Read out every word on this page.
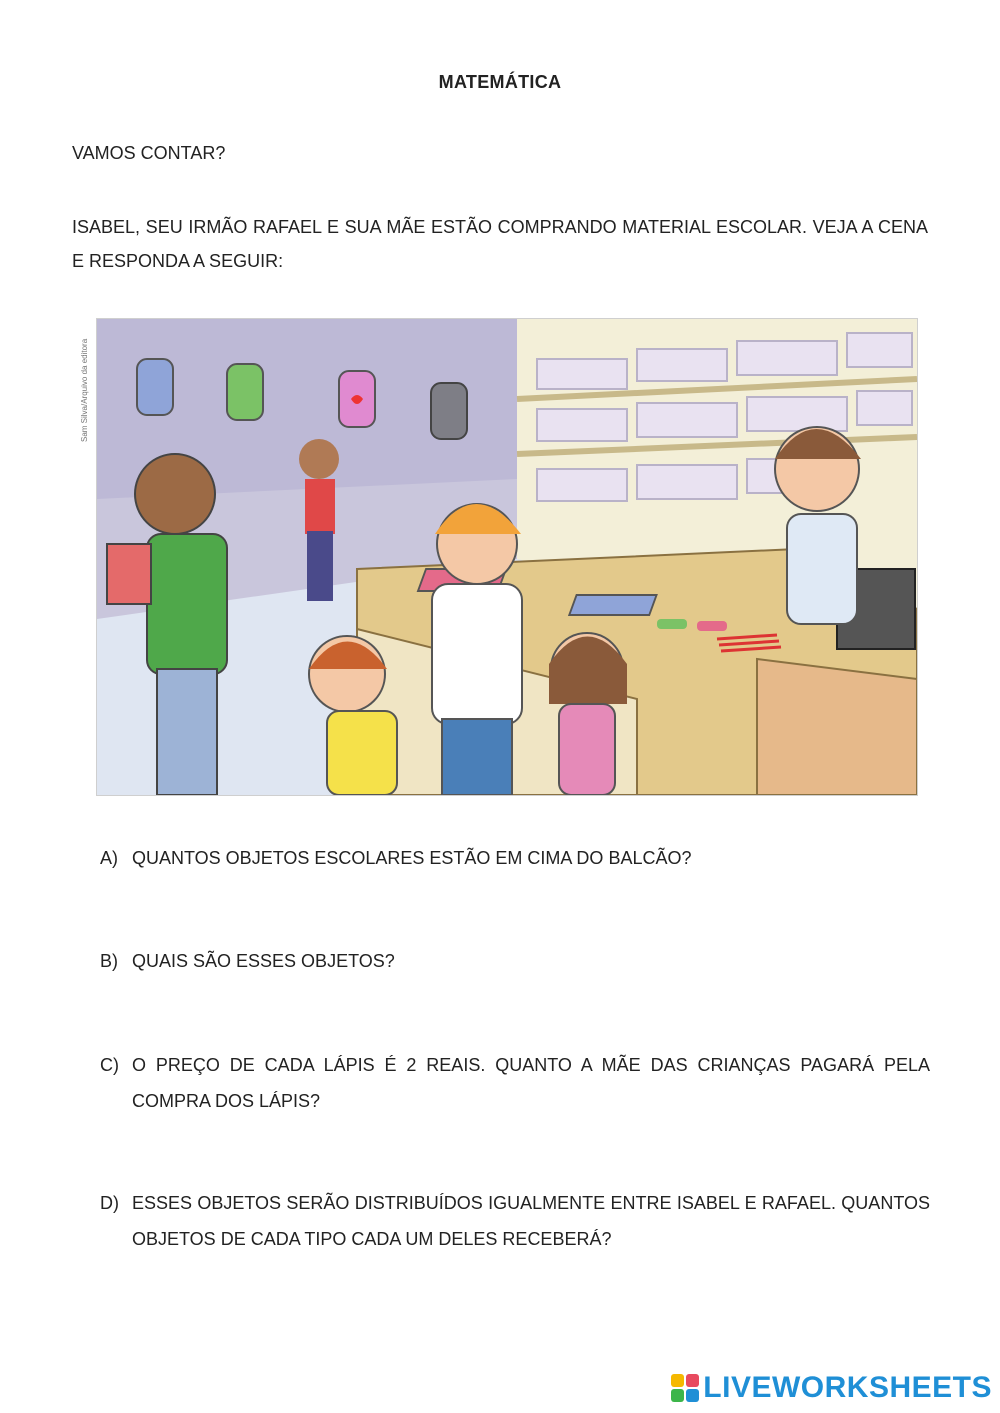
MATEMÁTICA
VAMOS CONTAR?
ISABEL, SEU IRMÃO RAFAEL E SUA MÃE ESTÃO COMPRANDO MATERIAL ESCOLAR. VEJA A CENA E RESPONDA A SEGUIR:
Sam Silva/Arquivo da editora
A) QUANTOS OBJETOS ESCOLARES ESTÃO EM CIMA DO BALCÃO?
B) QUAIS SÃO ESSES OBJETOS?
C) O PREÇO DE CADA LÁPIS É 2 REAIS. QUANTO A MÃE DAS CRIANÇAS PAGARÁ PELA COMPRA DOS LÁPIS?
D) ESSES OBJETOS SERÃO DISTRIBUÍDOS IGUALMENTE ENTRE ISABEL E RAFAEL. QUANTOS OBJETOS DE CADA TIPO CADA UM DELES RECEBERÁ?
LIVEWORKSHEETS
